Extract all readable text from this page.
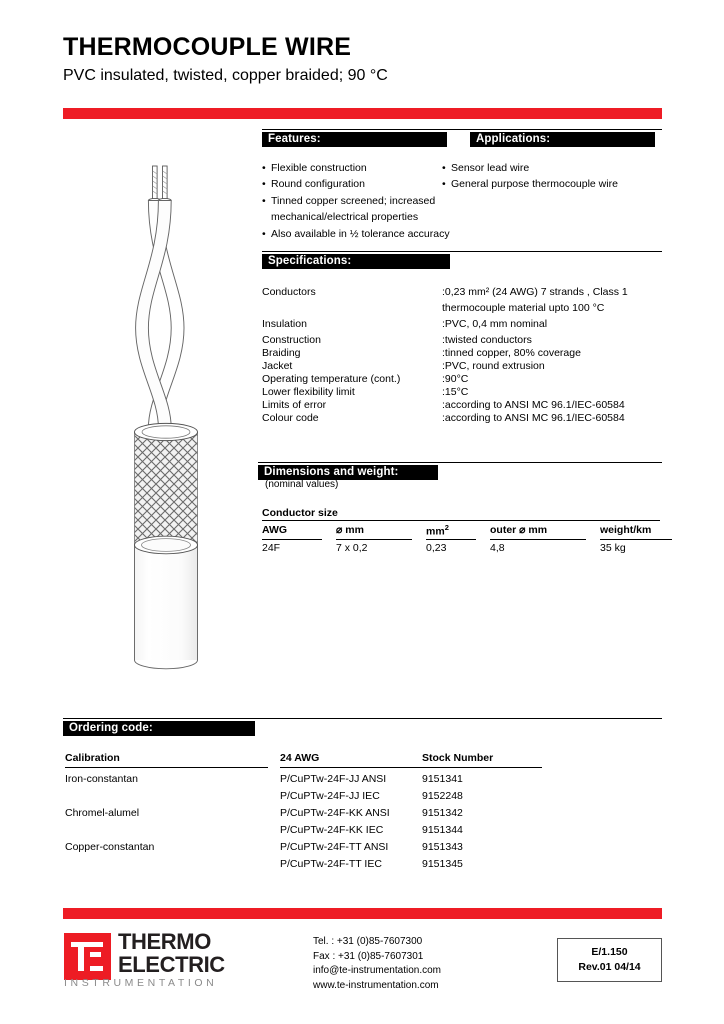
THERMOCOUPLE WIRE
PVC insulated, twisted, copper braided; 90 °C
Features:	Applications:
• Flexible construction
• Round configuration
• Tinned copper screened; increased
mechanical/electrical properties
• Also available in ½ tolerance accuracy
• Sensor lead wire
• General purpose thermocouple wire
Specifications:
Conductors	:0,23 mm² (24 AWG) 7 strands , Class 1
thermocouple material upto 100 °C
Insulation	:PVC, 0,4 mm nominal
Construction	:twisted conductors
Braiding	:tinned copper, 80% coverage
Jacket	:PVC, round extrusion
Operating temperature (cont.)	:90°C
Lower flexibility limit	:15°C
Limits of error	:according to ANSI MC 96.1/IEC-60584
Colour code	:according to ANSI MC 96.1/IEC-60584
Dimensions and weight:
(nominal values)
Conductor size
AWG		⌀ mm		$mm^2$		outer ⌀ mm		weight/km
24F		7 x 0,2		0,23		4,8		35 kg
Ordering code:
Calibration		24 AWG	Stock Number
Iron-constantan		P/CuPTw-24F-JJ ANSI	9151341
		P/CuPTw-24F-JJ IEC	9152248
Chromel-alumel		P/CuPTw-24F-KK ANSI	9151342
		P/CuPTw-24F-KK IEC	9151344
Copper-constantan		P/CuPTw-24F-TT ANSI	9151343
		P/CuPTw-24F-TT IEC	9151345
THERMO
ELECTRIC
INSTRUMENTATION
Tel. : +31 (0)85-7607300
Fax : +31 (0)85-7607301
info@te-instrumentation.com
www.te-instrumentation.com
E/1.150
Rev.01 04/14
